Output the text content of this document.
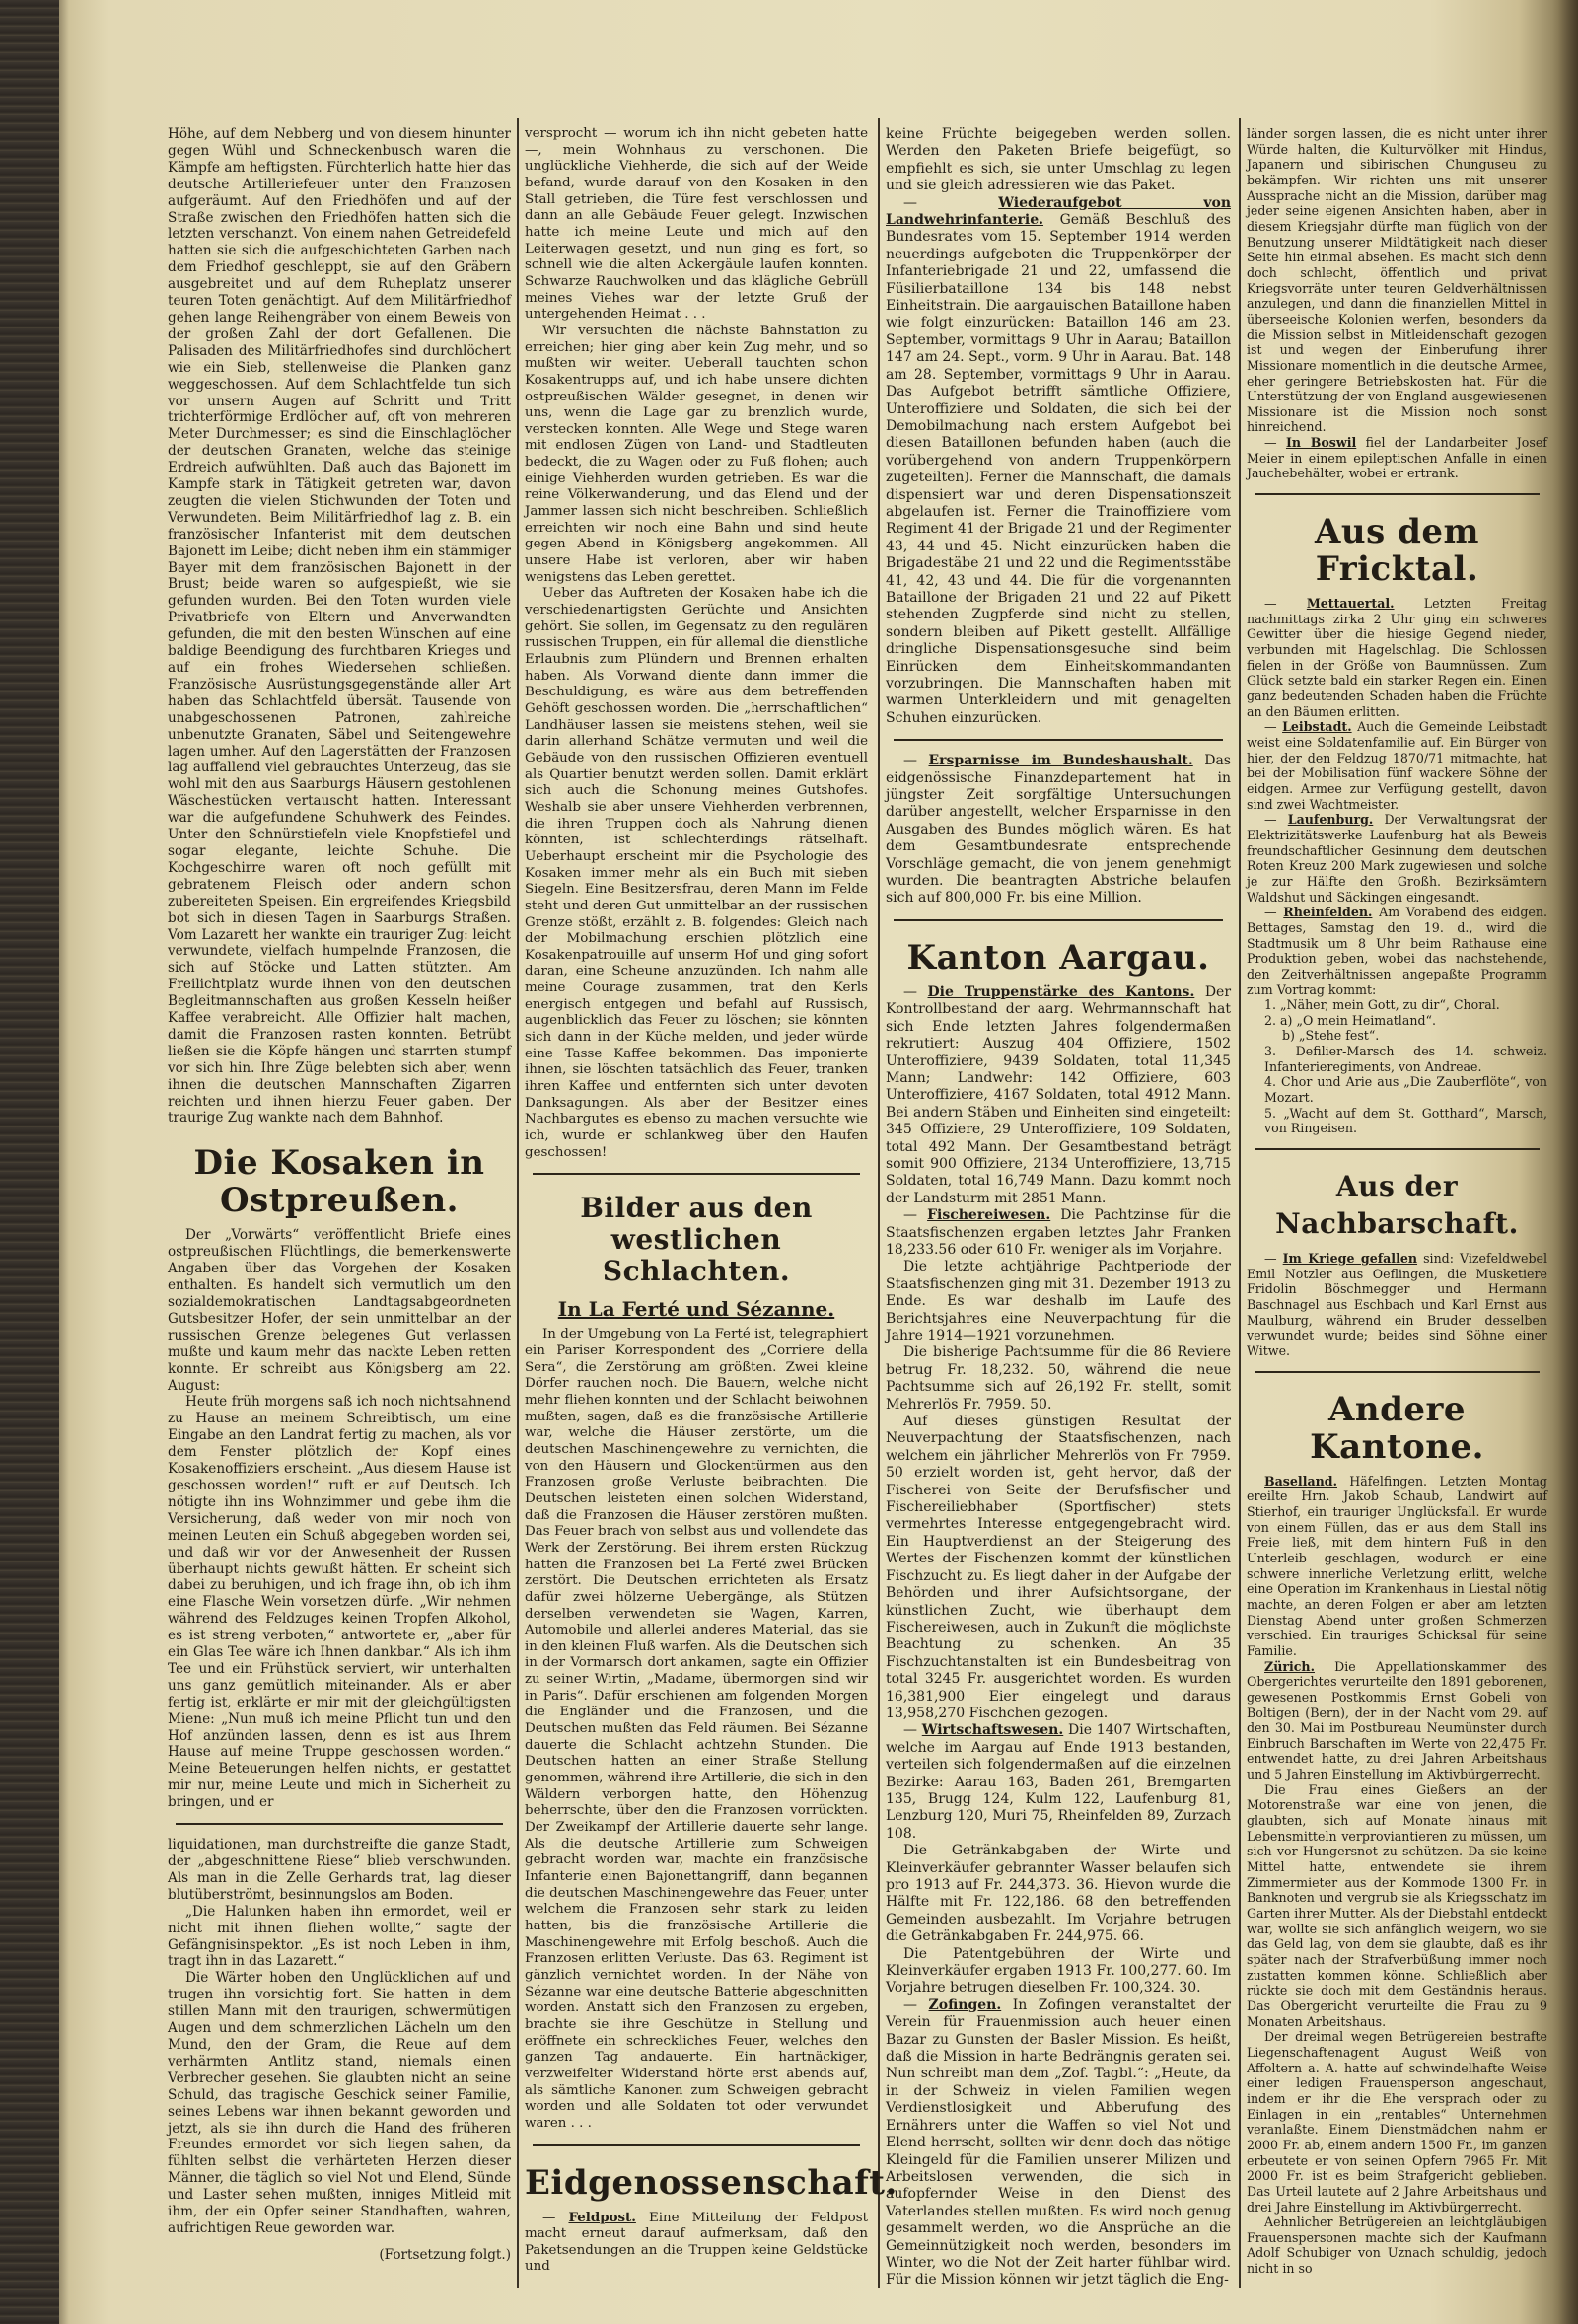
Höhe, auf dem Nebberg und von diesem hinunter gegen Wühl und Schneckenbusch waren die Kämpfe am heftigsten. Fürchterlich hatte hier das deutsche Artilleriefeuer unter den Franzosen aufgeräumt. Auf den Friedhöfen und auf der Straße zwischen den Friedhöfen hatten sich die letzten verschanzt. Von einem nahen Getreidefeld hatten sie sich die aufgeschichteten Garben nach dem Friedhof geschleppt, sie auf den Gräbern ausgebreitet und auf dem Ruheplatz unserer teuren Toten genächtigt. Auf dem Militärfriedhof gehen lange Reihengräber von einem Beweis von der großen Zahl der dort Gefallenen. Die Palisaden des Militärfriedhofes sind durchlöchert wie ein Sieb, stellenweise die Planken ganz weggeschossen. Auf dem Schlachtfelde tun sich vor unsern Augen auf Schritt und Tritt trichterförmige Erdlöcher auf, oft von mehreren Meter Durchmesser; es sind die Einschlaglöcher der deutschen Granaten, welche das steinige Erdreich aufwühlten. Daß auch das Bajonett im Kampfe stark in Tätigkeit getreten war, davon zeugten die vielen Stichwunden der Toten und Verwundeten. Beim Militärfriedhof lag z. B. ein französischer Infanterist mit dem deutschen Bajonett im Leibe; dicht neben ihm ein stämmiger Bayer mit dem französischen Bajonett in der Brust; beide waren so aufgespießt, wie sie gefunden wurden. Bei den Toten wurden viele Privatbriefe von Eltern und Anverwandten gefunden, die mit den besten Wünschen auf eine baldige Beendigung des furchtbaren Krieges und auf ein frohes Wiedersehen schließen. Französische Ausrüstungsgegenstände aller Art haben das Schlachtfeld übersät. Tausende von unabgeschossenen Patronen, zahlreiche unbenutzte Granaten, Säbel und Seitengewehre lagen umher. Auf den Lagerstätten der Franzosen lag auffallend viel gebrauchtes Unterzeug, das sie wohl mit den aus Saarburgs Häusern gestohlenen Wäschestücken vertauscht hatten. Interessant war die aufgefundene Schuhwerk des Feindes. Unter den Schnürstiefeln viele Knopfstiefel und sogar elegante, leichte Schuhe. Die Kochgeschirre waren oft noch gefüllt mit gebratenem Fleisch oder andern schon zubereiteten Speisen. Ein ergreifendes Kriegsbild bot sich in diesen Tagen in Saarburgs Straßen. Vom Lazarett her wankte ein trauriger Zug: leicht verwundete, vielfach humpelnde Franzosen, die sich auf Stöcke und Latten stützten. Am Freilichtplatz wurde ihnen von den deutschen Begleitmannschaften aus großen Kesseln heißer Kaffee verabreicht. Alle Offizier halt machen, damit die Franzosen rasten konnten. Betrübt ließen sie die Köpfe hängen und starrten stumpf vor sich hin. Ihre Züge belebten sich aber, wenn ihnen die deutschen Mannschaften Zigarren reichten und ihnen hierzu Feuer gaben. Der traurige Zug wankte nach dem Bahnhof.

Die Kosaken in Ostpreußen.

Der „Vorwärts“ veröffentlicht Briefe eines ostpreußischen Flüchtlings, die bemerkenswerte Angaben über das Vorgehen der Kosaken enthalten. Es handelt sich vermutlich um den sozialdemokratischen Landtagsabgeordneten Gutsbesitzer Hofer, der sein unmittelbar an der russischen Grenze belegenes Gut verlassen mußte und kaum mehr das nackte Leben retten konnte. Er schreibt aus Königsberg am 22. August:

Heute früh morgens saß ich noch nichtsahnend zu Hause an meinem Schreibtisch, um eine Eingabe an den Landrat fertig zu machen, als vor dem Fenster plötzlich der Kopf eines Kosakenoffiziers erscheint. „Aus diesem Hause ist geschossen worden!“ ruft er auf Deutsch. Ich nötigte ihn ins Wohnzimmer und gebe ihm die Versicherung, daß weder von mir noch von meinen Leuten ein Schuß abgegeben worden sei, und daß wir vor der Anwesenheit der Russen überhaupt nichts gewußt hätten. Er scheint sich dabei zu beruhigen, und ich frage ihn, ob ich ihm eine Flasche Wein vorsetzen dürfe. „Wir nehmen während des Feldzuges keinen Tropfen Alkohol, es ist streng verboten,“ antwortete er, „aber für ein Glas Tee wäre ich Ihnen dankbar.“ Als ich ihm Tee und ein Frühstück serviert, wir unterhalten uns ganz gemütlich miteinander. Als er aber fertig ist, erklärte er mir mit der gleichgültigsten Miene: „Nun muß ich meine Pflicht tun und den Hof anzünden lassen, denn es ist aus Ihrem Hause auf meine Truppe geschossen worden.“ Meine Beteuerungen helfen nichts, er gestattet mir nur, meine Leute und mich in Sicherheit zu bringen, und er

liquidationen, man durchstreifte die ganze Stadt, der „abgeschnittene Riese“ blieb verschwunden. Als man in die Zelle Gerhards trat, lag dieser blutüberströmt, besinnungslos am Boden.

„Die Halunken haben ihn ermordet, weil er nicht mit ihnen fliehen wollte,“ sagte der Gefängnisinspektor. „Es ist noch Leben in ihm, tragt ihn in das Lazarett.“

Die Wärter hoben den Unglücklichen auf und trugen ihn vorsichtig fort. Sie hatten in dem stillen Mann mit den traurigen, schwermütigen Augen und dem schmerzlichen Lächeln um den Mund, den der Gram, die Reue auf dem verhärmten Antlitz stand, niemals einen Verbrecher gesehen. Sie glaubten nicht an seine Schuld, das tragische Geschick seiner Familie, seines Lebens war ihnen bekannt geworden und jetzt, als sie ihn durch die Hand des früheren Freundes ermordet vor sich liegen sahen, da fühlten selbst die verhärteten Herzen dieser Männer, die täglich so viel Not und Elend, Sünde und Laster sehen mußten, inniges Mitleid mit ihm, der ein Opfer seiner Standhaften, wahren, aufrichtigen Reue geworden war.

(Fortsetzung folgt.)

versprocht — worum ich ihn nicht gebeten hatte —, mein Wohnhaus zu verschonen. Die unglückliche Viehherde, die sich auf der Weide befand, wurde darauf von den Kosaken in den Stall getrieben, die Türe fest verschlossen und dann an alle Gebäude Feuer gelegt. Inzwischen hatte ich meine Leute und mich auf den Leiterwagen gesetzt, und nun ging es fort, so schnell wie die alten Ackergäule laufen konnten. Schwarze Rauchwolken und das klägliche Gebrüll meines Viehes war der letzte Gruß der untergehenden Heimat . . .

Wir versuchten die nächste Bahnstation zu erreichen; hier ging aber kein Zug mehr, und so mußten wir weiter. Ueberall tauchten schon Kosakentrupps auf, und ich habe unsere dichten ostpreußischen Wälder gesegnet, in denen wir uns, wenn die Lage gar zu brenzlich wurde, verstecken konnten. Alle Wege und Stege waren mit endlosen Zügen von Land- und Stadtleuten bedeckt, die zu Wagen oder zu Fuß flohen; auch einige Viehherden wurden getrieben. Es war die reine Völkerwanderung, und das Elend und der Jammer lassen sich nicht beschreiben. Schließlich erreichten wir noch eine Bahn und sind heute gegen Abend in Königsberg angekommen. All unsere Habe ist verloren, aber wir haben wenigstens das Leben gerettet.

Ueber das Auftreten der Kosaken habe ich die verschiedenartigsten Gerüchte und Ansichten gehört. Sie sollen, im Gegensatz zu den regulären russischen Truppen, ein für allemal die dienstliche Erlaubnis zum Plündern und Brennen erhalten haben. Als Vorwand diente dann immer die Beschuldigung, es wäre aus dem betreffenden Gehöft geschossen worden. Die „herrschaftlichen“ Landhäuser lassen sie meistens stehen, weil sie darin allerhand Schätze vermuten und weil die Gebäude von den russischen Offizieren eventuell als Quartier benutzt werden sollen. Damit erklärt sich auch die Schonung meines Gutshofes. Weshalb sie aber unsere Viehherden verbrennen, die ihren Truppen doch als Nahrung dienen könnten, ist schlechterdings rätselhaft. Ueberhaupt erscheint mir die Psychologie des Kosaken immer mehr als ein Buch mit sieben Siegeln. Eine Besitzersfrau, deren Mann im Felde steht und deren Gut unmittelbar an der russischen Grenze stößt, erzählt z. B. folgendes: Gleich nach der Mobilmachung erschien plötzlich eine Kosakenpatrouille auf unserm Hof und ging sofort daran, eine Scheune anzuzünden. Ich nahm alle meine Courage zusammen, trat den Kerls energisch entgegen und befahl auf Russisch, augenblicklich das Feuer zu löschen; sie könnten sich dann in der Küche melden, und jeder würde eine Tasse Kaffee bekommen. Das imponierte ihnen, sie löschten tatsächlich das Feuer, tranken ihren Kaffee und entfernten sich unter devoten Danksagungen. Als aber der Besitzer eines Nachbargutes es ebenso zu machen versuchte wie ich, wurde er schlankweg über den Haufen geschossen!

Bilder aus den westlichen Schlachten.
In La Ferté und Sézanne.

In der Umgebung von La Ferté ist, telegraphiert ein Pariser Korrespondent des „Corriere della Sera“, die Zerstörung am größten. Zwei kleine Dörfer rauchen noch. Die Bauern, welche nicht mehr fliehen konnten und der Schlacht beiwohnen mußten, sagen, daß es die französische Artillerie war, welche die Häuser zerstörte, um die deutschen Maschinengewehre zu vernichten, die von den Häusern und Glockentürmen aus den Franzosen große Verluste beibrachten. Die Deutschen leisteten einen solchen Widerstand, daß die Franzosen die Häuser zerstören mußten. Das Feuer brach von selbst aus und vollendete das Werk der Zerstörung. Bei ihrem ersten Rückzug hatten die Franzosen bei La Ferté zwei Brücken zerstört. Die Deutschen errichteten als Ersatz dafür zwei hölzerne Uebergänge, als Stützen derselben verwendeten sie Wagen, Karren, Automobile und allerlei anderes Material, das sie in den kleinen Fluß warfen. Als die Deutschen sich in der Vormarsch dort ankamen, sagte ein Offizier zu seiner Wirtin, „Madame, übermorgen sind wir in Paris“. Dafür erschienen am folgenden Morgen die Engländer und die Franzosen, und die Deutschen mußten das Feld räumen. Bei Sézanne dauerte die Schlacht achtzehn Stunden. Die Deutschen hatten an einer Straße Stellung genommen, während ihre Artillerie, die sich in den Wäldern verborgen hatte, den Höhenzug beherrschte, über den die Franzosen vorrückten. Der Zweikampf der Artillerie dauerte sehr lange. Als die deutsche Artillerie zum Schweigen gebracht worden war, machte ein französische Infanterie einen Bajonettangriff, dann begannen die deutschen Maschinengewehre das Feuer, unter welchem die Franzosen sehr stark zu leiden hatten, bis die französische Artillerie die Maschinengewehre mit Erfolg beschoß. Auch die Franzosen erlitten Verluste. Das 63. Regiment ist gänzlich vernichtet worden. In der Nähe von Sézanne war eine deutsche Batterie abgeschnitten worden. Anstatt sich den Franzosen zu ergeben, brachte sie ihre Geschütze in Stellung und eröffnete ein schreckliches Feuer, welches den ganzen Tag andauerte. Ein hartnäckiger, verzweifelter Widerstand hörte erst abends auf, als sämtliche Kanonen zum Schweigen gebracht worden und alle Soldaten tot oder verwundet waren . . .

Eidgenossenschaft.

— Feldpost. Eine Mitteilung der Feldpost macht erneut darauf aufmerksam, daß den Paketsendungen an die Truppen keine Geldstücke und

keine Früchte beigegeben werden sollen. Werden den Paketen Briefe beigefügt, so empfiehlt es sich, sie unter Umschlag zu legen und sie gleich adressieren wie das Paket.

— Wiederaufgebot von Landwehrinfanterie. Gemäß Beschluß des Bundesrates vom 15. September 1914 werden neuerdings aufgeboten die Truppenkörper der Infanteriebrigade 21 und 22, umfassend die Füsilierbataillone 134 bis 148 nebst Einheitstrain. Die aargauischen Bataillone haben wie folgt einzurücken: Bataillon 146 am 23. September, vormittags 9 Uhr in Aarau; Bataillon 147 am 24. Sept., vorm. 9 Uhr in Aarau. Bat. 148 am 28. September, vormittags 9 Uhr in Aarau. Das Aufgebot betrifft sämtliche Offiziere, Unteroffiziere und Soldaten, die sich bei der Demobilmachung nach erstem Aufgebot bei diesen Bataillonen befunden haben (auch die vorübergehend von andern Truppenkörpern zugeteilten). Ferner die Mannschaft, die damals dispensiert war und deren Dispensationszeit abgelaufen ist. Ferner die Trainoffiziere vom Regiment 41 der Brigade 21 und der Regimenter 43, 44 und 45. Nicht einzurücken haben die Brigadestäbe 21 und 22 und die Regimentsstäbe 41, 42, 43 und 44. Die für die vorgenannten Bataillone der Brigaden 21 und 22 auf Pikett stehenden Zugpferde sind nicht zu stellen, sondern bleiben auf Pikett gestellt. Allfällige dringliche Dispensationsgesuche sind beim Einrücken dem Einheitskommandanten vorzubringen. Die Mannschaften haben mit warmen Unterkleidern und mit genagelten Schuhen einzurücken.

— Ersparnisse im Bundeshaushalt. Das eidgenössische Finanzdepartement hat in jüngster Zeit sorgfältige Untersuchungen darüber angestellt, welcher Ersparnisse in den Ausgaben des Bundes möglich wären. Es hat dem Gesamtbundesrate entsprechende Vorschläge gemacht, die von jenem genehmigt wurden. Die beantragten Abstriche belaufen sich auf 800,000 Fr. bis eine Million.

Kanton Aargau.

— Die Truppenstärke des Kantons. Der Kontrollbestand der aarg. Wehrmannschaft hat sich Ende letzten Jahres folgendermaßen rekrutiert: Auszug 404 Offiziere, 1502 Unteroffiziere, 9439 Soldaten, total 11,345 Mann; Landwehr: 142 Offiziere, 603 Unteroffiziere, 4167 Soldaten, total 4912 Mann. Bei andern Stäben und Einheiten sind eingeteilt: 345 Offiziere, 29 Unteroffiziere, 109 Soldaten, total 492 Mann. Der Gesamtbestand beträgt somit 900 Offiziere, 2134 Unteroffiziere, 13,715 Soldaten, total 16,749 Mann. Dazu kommt noch der Landsturm mit 2851 Mann.

— Fischereiwesen. Die Pachtzinse für die Staatsfischenzen ergaben letztes Jahr Franken 18,233.56 oder 610 Fr. weniger als im Vorjahre.

Die letzte achtjährige Pachtperiode der Staatsfischenzen ging mit 31. Dezember 1913 zu Ende. Es war deshalb im Laufe des Berichtsjahres eine Neuverpachtung für die Jahre 1914—1921 vorzunehmen.

Die bisherige Pachtsumme für die 86 Reviere betrug Fr. 18,232. 50, während die neue Pachtsumme sich auf 26,192 Fr. stellt, somit Mehrerlös Fr. 7959. 50.

Auf dieses günstigen Resultat der Neuverpachtung der Staatsfischenzen, nach welchem ein jährlicher Mehrerlös von Fr. 7959. 50 erzielt worden ist, geht hervor, daß der Fischerei von Seite der Berufsfischer und Fischereiliebhaber (Sportfischer) stets vermehrtes Interesse entgegengebracht wird. Ein Hauptverdienst an der Steigerung des Wertes der Fischenzen kommt der künstlichen Fischzucht zu. Es liegt daher in der Aufgabe der Behörden und ihrer Aufsichtsorgane, der künstlichen Zucht, wie überhaupt dem Fischereiwesen, auch in Zukunft die möglichste Beachtung zu schenken. An 35 Fischzuchtanstalten ist ein Bundesbeitrag von total 3245 Fr. ausgerichtet worden. Es wurden 16,381,900 Eier eingelegt und daraus 13,958,270 Fischchen gezogen.

— Wirtschaftswesen. Die 1407 Wirtschaften, welche im Aargau auf Ende 1913 bestanden, verteilen sich folgendermaßen auf die einzelnen Bezirke: Aarau 163, Baden 261, Bremgarten 135, Brugg 124, Kulm 122, Laufenburg 81, Lenzburg 120, Muri 75, Rheinfelden 89, Zurzach 108.

Die Getränkabgaben der Wirte und Kleinverkäufer gebrannter Wasser belaufen sich pro 1913 auf Fr. 244,373. 36. Hievon wurde die Hälfte mit Fr. 122,186. 68 den betreffenden Gemeinden ausbezahlt. Im Vorjahre betrugen die Getränkabgaben Fr. 244,975. 66.

Die Patentgebühren der Wirte und Kleinverkäufer ergaben 1913 Fr. 100,277. 60. Im Vorjahre betrugen dieselben Fr. 100,324. 30.

— Zofingen. In Zofingen veranstaltet der Verein für Frauenmission auch heuer einen Bazar zu Gunsten der Basler Mission. Es heißt, daß die Mission in harte Bedrängnis geraten sei. Nun schreibt man dem „Zof. Tagbl.“: „Heute, da in der Schweiz in vielen Familien wegen Verdienstlosigkeit und Abberufung des Ernährers unter die Waffen so viel Not und Elend herrscht, sollten wir denn doch das nötige Kleingeld für die Familien unserer Milizen und Arbeitslosen verwenden, die sich in aufopfernder Weise in den Dienst des Vaterlandes stellen mußten. Es wird noch genug gesammelt werden, wo die Ansprüche an die Gemeinnützigkeit noch werden, besonders im Winter, wo die Not der Zeit harter fühlbar wird. Für die Mission können wir jetzt täglich die Eng-

länder sorgen lassen, die es nicht unter ihrer Würde halten, die Kulturvölker mit Hindus, Japanern und sibirischen Chunguseu zu bekämpfen. Wir richten uns mit unserer Aussprache nicht an die Mission, darüber mag jeder seine eigenen Ansichten haben, aber in diesem Kriegsjahr dürfte man füglich von der Benutzung unserer Mildtätigkeit nach dieser Seite hin einmal absehen. Es macht sich denn doch schlecht, öffentlich und privat Kriegsvorräte unter teuren Geldverhältnissen anzulegen, und dann die finanziellen Mittel in überseeische Kolonien werfen, besonders da die Mission selbst in Mitleidenschaft gezogen ist und wegen der Einberufung ihrer Missionare momentlich in die deutsche Armee, eher geringere Betriebskosten hat. Für die Unterstützung der von England ausgewiesenen Missionare ist die Mission noch sonst hinreichend.

— In Boswil fiel der Landarbeiter Josef Meier in einem epileptischen Anfalle in einen Jauchebehälter, wobei er ertrank.

Aus dem Fricktal.

— Mettauertal. Letzten Freitag nachmittags zirka 2 Uhr ging ein schweres Gewitter über die hiesige Gegend nieder, verbunden mit Hagelschlag. Die Schlossen fielen in der Größe von Baumnüssen. Zum Glück setzte bald ein starker Regen ein. Einen ganz bedeutenden Schaden haben die Früchte an den Bäumen erlitten.

— Leibstadt. Auch die Gemeinde Leibstadt weist eine Soldatenfamilie auf. Ein Bürger von hier, der den Feldzug 1870/71 mitmachte, hat bei der Mobilisation fünf wackere Söhne der eidgen. Armee zur Verfügung gestellt, davon sind zwei Wachtmeister.

— Laufenburg. Der Verwaltungsrat der Elektrizitätswerke Laufenburg hat als Beweis freundschaftlicher Gesinnung dem deutschen Roten Kreuz 200 Mark zugewiesen und solche je zur Hälfte den Großh. Bezirksämtern Waldshut und Säckingen eingesandt.

— Rheinfelden. Am Vorabend des eidgen. Bettages, Samstag den 19. d., wird die Stadtmusik um 8 Uhr beim Rathause eine Produktion geben, wobei das nachstehende, den Zeitverhältnissen angepaßte Programm zum Vortrag kommt:

1. „Näher, mein Gott, zu dir“, Choral.

2. a) „O mein Heimatland“.

b) „Stehe fest“.

3. Defilier-Marsch des 14. schweiz. Infanterieregiments, von Andreae.

4. Chor und Arie aus „Die Zauberflöte“, von Mozart.

5. „Wacht auf dem St. Gotthard“, Marsch, von Ringeisen.

Aus der Nachbarschaft.

— Im Kriege gefallen sind: Vizefeldwebel Emil Notzler aus Oeflingen, die Musketiere Fridolin Böschmegger und Hermann Baschnagel aus Eschbach und Karl Ernst aus Maulburg, während ein Bruder desselben verwundet wurde; beides sind Söhne einer Witwe.

Andere Kantone.

Baselland. Häfelfingen. Letzten Montag ereilte Hrn. Jakob Schaub, Landwirt auf Stierhof, ein trauriger Unglücksfall. Er wurde von einem Füllen, das er aus dem Stall ins Freie ließ, mit dem hintern Fuß in den Unterleib geschlagen, wodurch er eine schwere innerliche Verletzung erlitt, welche eine Operation im Krankenhaus in Liestal nötig machte, an deren Folgen er aber am letzten Dienstag Abend unter großen Schmerzen verschied. Ein trauriges Schicksal für seine Familie.

Zürich. Die Appellationskammer des Obergerichtes verurteilte den 1891 geborenen, gewesenen Postkommis Ernst Gobeli von Boltigen (Bern), der in der Nacht vom 29. auf den 30. Mai im Postbureau Neumünster durch Einbruch Barschaften im Werte von 22,475 Fr. entwendet hatte, zu drei Jahren Arbeitshaus und 5 Jahren Einstellung im Aktivbürgerrecht.

Die Frau eines Gießers an der Motorenstraße war eine von jenen, die glaubten, sich auf Monate hinaus mit Lebensmitteln verproviantieren zu müssen, um sich vor Hungersnot zu schützen. Da sie keine Mittel hatte, entwendete sie ihrem Zimmermieter aus der Kommode 1300 Fr. in Banknoten und vergrub sie als Kriegsschatz im Garten ihrer Mutter. Als der Diebstahl entdeckt war, wollte sie sich anfänglich weigern, wo sie das Geld lag, von dem sie glaubte, daß es ihr später nach der Strafverbüßung immer noch zustatten kommen könne. Schließlich aber rückte sie doch mit dem Geständnis heraus. Das Obergericht verurteilte die Frau zu 9 Monaten Arbeitshaus.

Der dreimal wegen Betrügereien bestrafte Liegenschaftenagent August Weiß von Affoltern a. A. hatte auf schwindelhafte Weise einer ledigen Frauensperson angeschaut, indem er ihr die Ehe versprach oder zu Einlagen in ein „rentables“ Unternehmen veranlaßte. Einem Dienstmädchen nahm er 2000 Fr. ab, einem andern 1500 Fr., im ganzen erbeutete er von seinen Opfern 7965 Fr. Mit 2000 Fr. ist es beim Strafgericht geblieben. Das Urteil lautete auf 2 Jahre Arbeitshaus und drei Jahre Einstellung im Aktivbürgerrecht.

Aehnlicher Betrügereien an leichtgläubigen Frauenspersonen machte sich der Kaufmann Adolf Schubiger von Uznach schuldig, jedoch nicht in so
